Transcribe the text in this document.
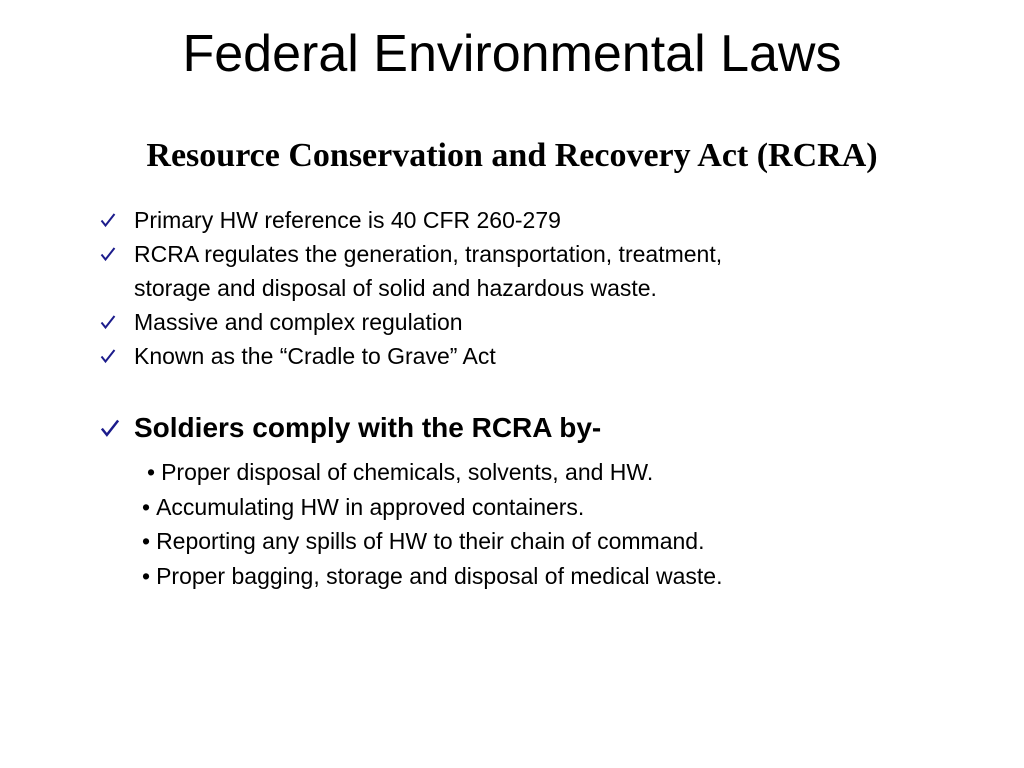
Federal Environmental Laws
Resource Conservation and Recovery Act (RCRA)
Primary HW reference is 40 CFR 260-279
RCRA regulates the generation, transportation, treatment,
storage and disposal of solid and hazardous waste.
Massive and complex regulation
Known as the “Cradle to Grave” Act
Soldiers comply with the RCRA by-
• Proper disposal of chemicals, solvents, and HW.
• Accumulating HW in approved containers.
• Reporting any spills of HW to their chain of command.
• Proper bagging, storage and disposal of medical waste.
